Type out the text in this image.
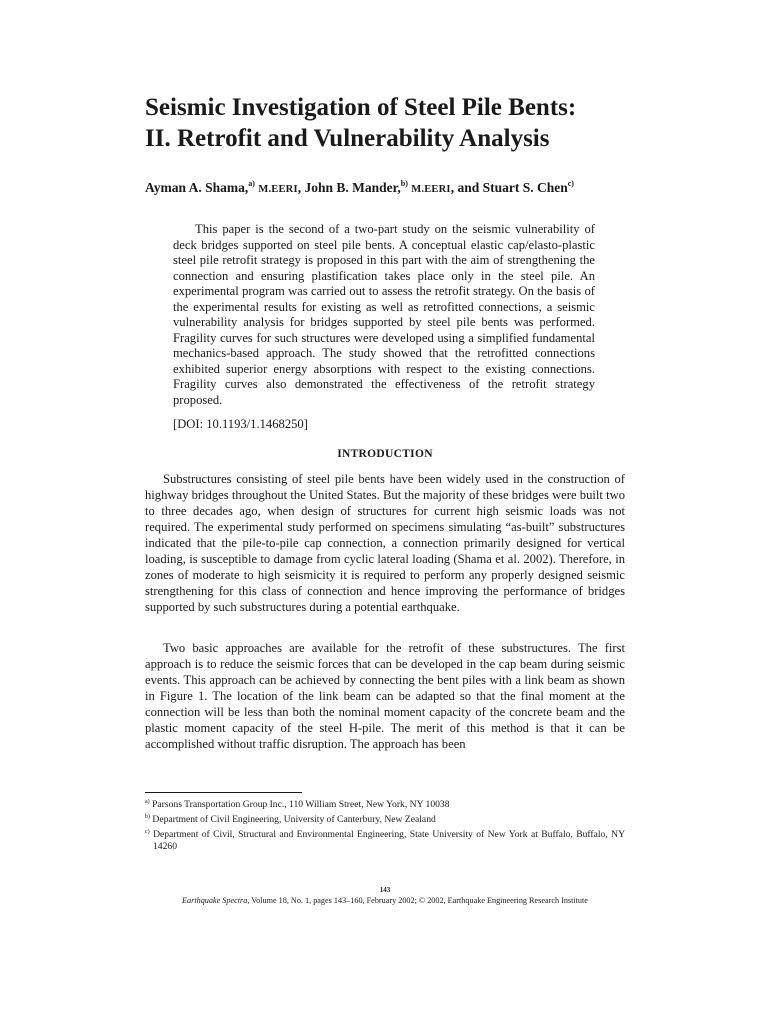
Seismic Investigation of Steel Pile Bents:
II. Retrofit and Vulnerability Analysis
Ayman A. Shama,$^{a)}$ M.EERI, John B. Mander,$^{b)}$ M.EERI, and Stuart S. Chen$^{c)}$

This paper is the second of a two-part study on the seismic vulnerability of deck bridges supported on steel pile bents. A conceptual elastic cap/elasto-plastic steel pile retrofit strategy is proposed in this part with the aim of strengthening the connection and ensuring plastification takes place only in the steel pile. An experimental program was carried out to assess the retrofit strategy. On the basis of the experimental results for existing as well as retrofitted connections, a seismic vulnerability analysis for bridges supported by steel pile bents was performed. Fragility curves for such structures were developed using a simplified fundamental mechanics-based approach. The study showed that the retrofitted connections exhibited superior energy absorptions with respect to the existing connections. Fragility curves also demonstrated the effectiveness of the retrofit strategy proposed.

[DOI: 10.1193/1.1468250]
INTRODUCTION

Substructures consisting of steel pile bents have been widely used in the construction of highway bridges throughout the United States. But the majority of these bridges were built two to three decades ago, when design of structures for current high seismic loads was not required. The experimental study performed on specimens simulating “as-built” substructures indicated that the pile-to-pile cap connection, a connection primarily designed for vertical loading, is susceptible to damage from cyclic lateral loading (Shama et al. 2002). Therefore, in zones of moderate to high seismicity it is required to perform any properly designed seismic strengthening for this class of connection and hence improving the performance of bridges supported by such substructures during a potential earthquake.

Two basic approaches are available for the retrofit of these substructures. The first approach is to reduce the seismic forces that can be developed in the cap beam during seismic events. This approach can be achieved by connecting the bent piles with a link beam as shown in Figure 1. The location of the link beam can be adapted so that the final moment at the connection will be less than both the nominal moment capacity of the concrete beam and the plastic moment capacity of the steel H-pile. The merit of this method is that it can be accomplished without traffic disruption. The approach has been

$^{a)}$ Parsons Transportation Group Inc., 110 William Street, New York, NY 10038

$^{b)}$ Department of Civil Engineering, University of Canterbury, New Zealand

$^{c)}$ Department of Civil, Structural and Environmental Engineering, State University of New York at Buffalo, Buffalo, NY 14260

143
Earthquake Spectra, Volume 18, No. 1, pages 143–160, February 2002; © 2002, Earthquake Engineering Research Institute
